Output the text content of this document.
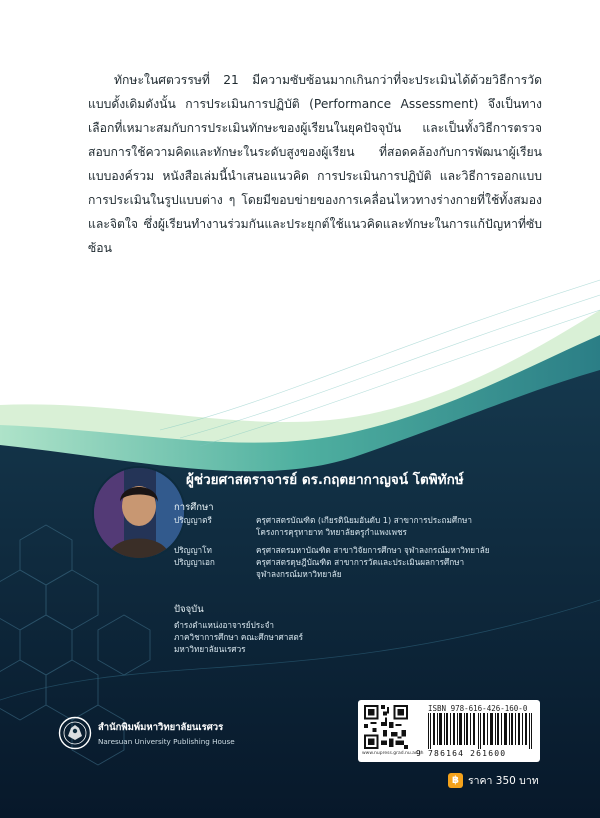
ทักษะในศตวรรษที่ 21 มีความซับซ้อนมากเกินกว่าที่จะประเมินได้ด้วยวิธีการวัดแบบดั้งเดิมดังนั้น การประเมินการปฏิบัติ (Performance Assessment) จึงเป็นทางเลือกที่เหมาะสมกับการประเมินทักษะของผู้เรียนในยุคปัจจุบัน และเป็นทั้งวิธีการตรวจสอบการใช้ความคิดและทักษะในระดับสูงของผู้เรียน ที่สอดคล้องกับการพัฒนาผู้เรียนแบบองค์รวม หนังสือเล่มนี้นำเสนอแนวคิด การประเมินการปฏิบัติ และวิธีการออกแบบการประเมินในรูปแบบต่าง ๆ โดยมีขอบข่ายของการเคลื่อนไหวทางร่างกายที่ใช้ทั้งสมองและจิตใจ ซึ่งผู้เรียนทำงานร่วมกันและประยุกต์ใช้แนวคิดและทักษะในการแก้ปัญหาที่ซับซ้อน
ผู้ช่วยศาสตราจารย์ ดร.กฤตยากาญจน์ โตพิทักษ์
การศึกษา
ปริญญาตรี	ครุศาสตรบัณฑิต (เกียรตินิยมอันดับ 1) สาขาการประถมศึกษา
โครงการคุรุทายาท วิทยาลัยครูกำแพงเพชร
ปริญญาโท	ครุศาสตรมหาบัณฑิต สาขาวิจัยการศึกษา จุฬาลงกรณ์มหาวิทยาลัย
ปริญญาเอก	ครุศาสตรดุษฎีบัณฑิต สาขาการวัดและประเมินผลการศึกษา
จุฬาลงกรณ์มหาวิทยาลัย
ปัจจุบัน
ดำรงตำแหน่งอาจารย์ประจำ
ภาควิชาการศึกษา คณะศึกษาศาสตร์
มหาวิทยาลัยนเรศวร
สำนักพิมพ์มหาวิทยาลัยนเรศวร
Naresuan University Publishing House
www.nupress.grad.nu.ac.th
ISBN 978-616-426-160-0
9 786164 261600
฿ ราคา 350 บาท
